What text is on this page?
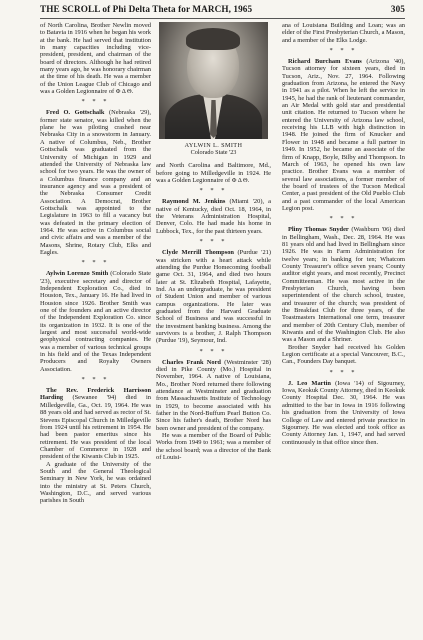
THE SCROLL of Phi Delta Theta for MARCH, 1965	305

of North Carolina, Brother Newlin moved to Batavia in 1916 when he began his work at the bank. He had served that institution in many capacities including vice-president, president, and chairman of the board of directors. Although he had retired many years ago, he was honorary chairman at the time of his death. He was a member of the Union League Club of Chicago and was a Golden Legionnaire of Φ Δ Θ.

* * *

Fred O. Gottschalk (Nebraska '29), former state senator, was killed when the plane he was piloting crashed near Nebraska City in a snowstorm in January. A native of Columbus, Neb., Brother Gottschalk was graduated from the University of Michigan in 1929 and attended the University of Nebraska law school for two years. He was the owner of a Columbus finance company and an insurance agency and was a president of the Nebraska Consumer Credit Association. A Democrat, Brother Gottschalk was appointed to the Legislature in 1963 to fill a vacancy but was defeated in the primary election of 1964. He was active in Columbus social and civic affairs and was a member of the Masons, Shrine, Rotary Club, Elks and Eagles.

* * *

Aylwin Lorenzo Smith (Colorado State '23), executive secretary and director of Independent Exploration Co., died in Houston, Tex., January 16. He had lived in Houston since 1926. Brother Smith was one of the founders and an active director of the Independent Exploration Co. since its organization in 1932. It is one of the largest and most successful world-wide geophysical contracting companies. He was a member of various technical groups in his field and of the Texas Independent Producers and Royalty Owners Association.

* * *

The Rev. Frederick Harrisson Harding (Sewanee '94) died in Milledgeville, Ga., Oct. 19, 1964. He was 88 years old and had served as rector of St. Stevens Episcopal Church in Milledgeville from 1924 until his retirement in 1954. He had been pastor emeritus since his retirement. He was president of the local Chamber of Commerce in 1928 and president of the Kiwanis Club in 1925.

A graduate of the University of the South and the General Theological Seminary in New York, he was ordained into the ministry at St. Peters Church, Washington, D.C., and served various parishes in South

AYLWIN L. SMITH
Colorado State '23

and North Carolina and Baltimore, Md., before going to Milledgeville in 1924. He was a Golden Legionnaire of Φ Δ Θ.

* * *

Raymond M. Jenkins (Miami '20), a native of Kentucky, died Oct. 18, 1964, in the Veterans Administration Hospital, Denver, Colo. He had made his home in Lubbock, Tex., for the past thirteen years.

* * *

Clyde Merrill Thompson (Purdue '21) was stricken with a heart attack while attending the Purdue Homecoming football game Oct. 31, 1964, and died two hours later at St. Elizabeth Hospital, Lafayette, Ind. As an undergraduate, he was president of Student Union and member of various campus organizations. He later was graduated from the Harvard Graduate School of Business and was successful in the investment banking business. Among the survivors is a brother, J. Ralph Thompson (Purdue '19), Seymour, Ind.

* * *

Charles Frank Nord (Westminster '28) died in Pike County (Mo.) Hospital in November, 1964. A native of Louisiana, Mo., Brother Nord returned there following attendance at Westminster and graduation from Massachusetts Institute of Technology in 1929, to become associated with his father in the Nord-Buffum Pearl Button Co. Since his father's death, Brother Nord has been owner and president of the company.

He was a member of the Board of Public Works from 1949 to 1961; was a member of the school board; was a director of the Bank of Louisi-

ana of Louisiana Building and Loan; was an elder of the First Presbyterian Church, a Mason, and a member of the Elks Lodge.

* * *

Richard Burcham Evans (Arizona '40), Tucson attorney for sixteen years, died in Tucson, Ariz., Nov. 27, 1964. Following graduation from Arizona, he entered the Navy in 1941 as a pilot. When he left the service in 1945, he had the rank of lieutenant commander, an Air Medal with gold star and presidential unit citation. He returned to Tucson where he entered the University of Arizona law school, receiving his LLB with high distinction in 1948. He joined the firm of Knucker and Flower in 1948 and became a full partner in 1949. In 1952, he became an associate of the firm of Knapp, Boyle, Bilby and Thompson. In March of 1963, he opened his own law practice. Brother Evans was a member of several law associations, a former member of the board of trustees of the Tucson Medical Center, a past president of the Old Pueblo Club and a past commander of the local American Legion post.

* * *

Pliny Thomas Snyder (Washburn '06) died in Bellingham, Wash., Dec. 28, 1964. He was 81 years old and had lived in Bellingham since 1926. He was in Farm Administration for twelve years; in banking for ten; Whatcom County Treasurer's office seven years; County auditor eight years, and most recently, Precinct Committeeman. He was most active in the Presbyterian Church, having been superintendent of the church school, trustee, and treasurer of the church; was president of the Breakfast Club for three years, of the Toastmasters International one term, treasurer and member of 20th Century Club, member of Kiwanis and of the Washington Club. He also was a Mason and a Shriner.

Brother Snyder had received his Golden Legion certificate at a special Vancouver, B.C., Can., Founders Day banquet.

* * *

J. Leo Martin (Iowa '14) of Sigourney, Iowa, Keokuk County Attorney, died in Keokuk County Hospital Dec. 30, 1964. He was admitted to the bar in Iowa in 1916 following his graduation from the University of Iowa College of Law and entered private practice in Sigourney. He was elected and took office as County Attorney Jan. 1, 1947, and had served continuously in that office since then.
